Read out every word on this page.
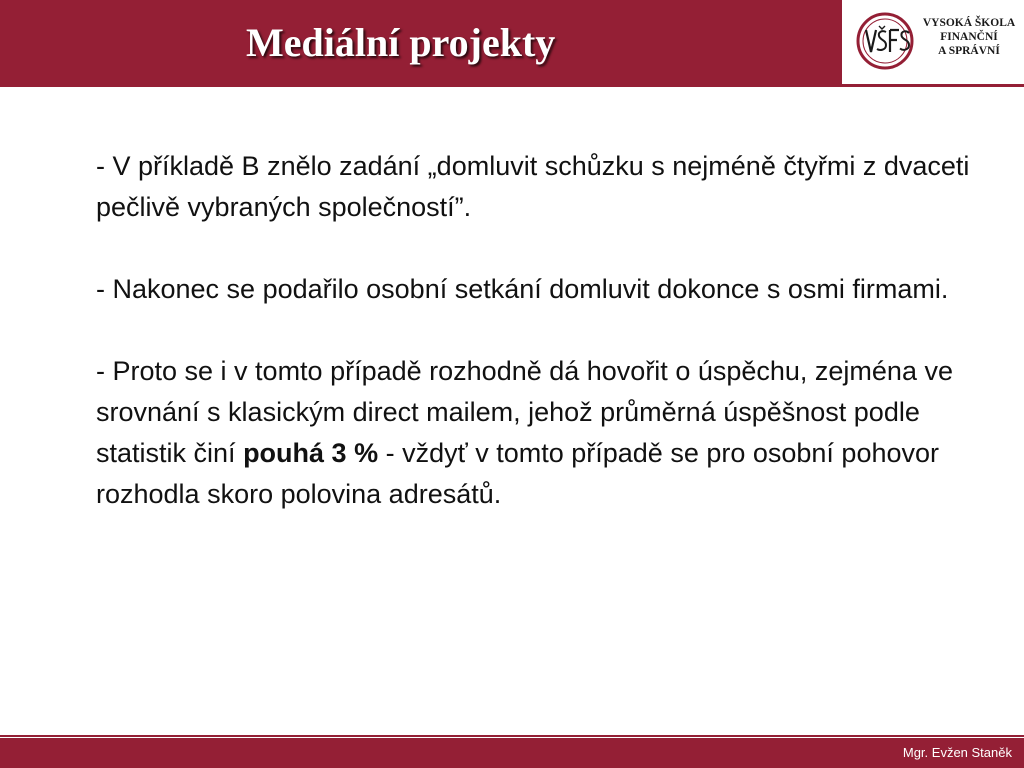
Mediální projekty	VYSOKÁ ŠKOLA
FINANČNÍ
A SPRÁVNÍ

- V příkladě B znělo zadání „domluvit schůzku s nejméně čtyřmi z dvaceti pečlivě vybraných společností”.

- Nakonec se podařilo osobní setkání domluvit dokonce s osmi firmami.

- Proto se i v tomto případě rozhodně dá hovořit o úspěchu, zejména ve srovnání s klasickým direct mailem, jehož průměrná úspěšnost podle statistik činí pouhá 3 % - vždyť v tomto případě se pro osobní pohovor rozhodla skoro polovina adresátů.

Mgr. Evžen Staněk
